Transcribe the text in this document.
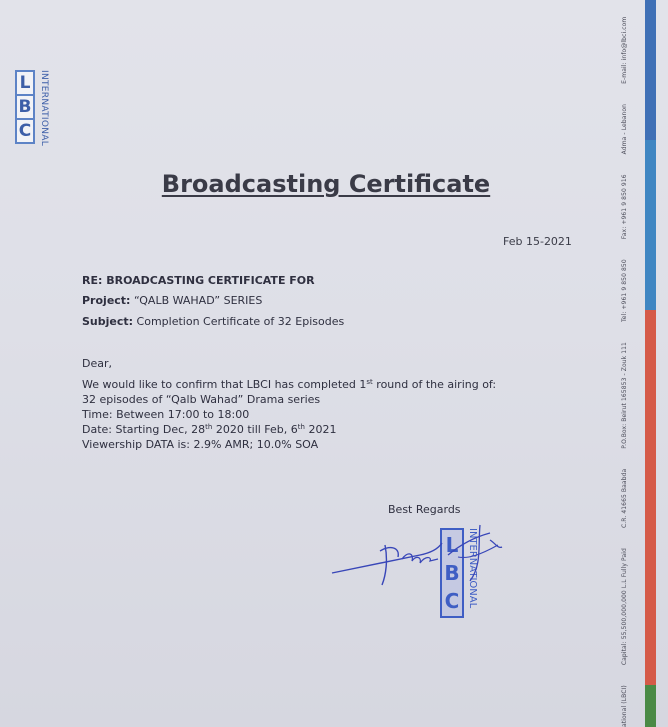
L
B
C INTERNATIONAL
Broadcasting Certificate
Feb 15-2021
RE: BROADCASTING CERTIFICATE FOR
Project: “QALB WAHAD” SERIES
Subject: Completion Certificate of 32 Episodes
Dear,
We would like to confirm that LBCI has completed 1st round of the airing of:
32 episodes of “Qalb Wahad” Drama series
Time: Between 17:00 to 18:00
Date: Starting Dec, 28th 2020 till Feb, 6th 2021
Viewership DATA is: 2.9% AMR; 10.0% SOA
Best Regards
L
B
C INTERNATIONAL
ational (LBCI) Capital: 55,500,000,000 L.L Fully Paid C.R. 41665 Baabda P.O.Box: Beirut 165853 - Zouk 111 Tel: +961 9 850 850 Fax: +961 9 850 916 Adma - Lebanon E-mail: info@lbci.com
